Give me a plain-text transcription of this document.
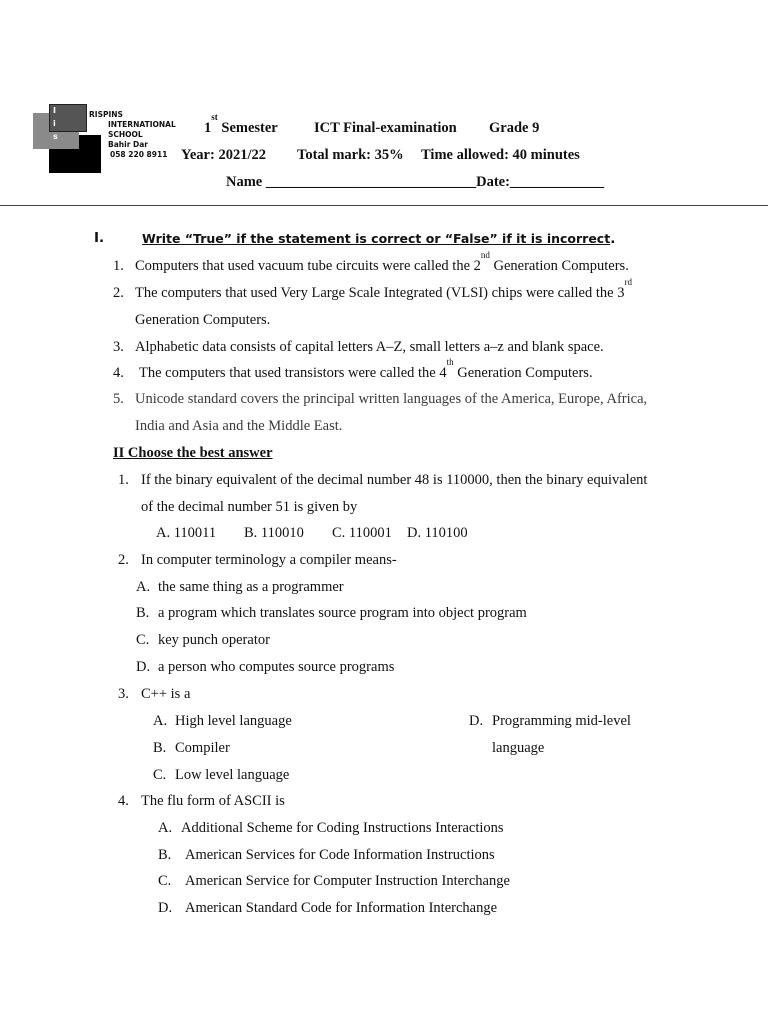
I
i
s
RISPINS
INTERNATIONAL
SCHOOL
Bahir Dar
058 220 8911
1st Semester	ICT Final-examination Grade 9
Year: 2021/22 Total mark: 35% Time allowed: 40 minutes
Name _____________________________Date:_____________
I.	Write “True” if the statement is correct or “False” if it is incorrect.
1. Computers that used vacuum tube circuits were called the 2nd Generation Computers.
2. The computers that used Very Large Scale Integrated (VLSI) chips were called the 3rd
Generation Computers.
3. Alphabetic data consists of capital letters A–Z, small letters a–z and blank space.
4. The computers that used transistors were called the 4th Generation Computers.
5. Unicode standard covers the principal written languages of the America, Europe, Africa,
India and Asia and the Middle East.
II Choose the best answer
1. If the binary equivalent of the decimal number 48 is 110000, then the binary equivalent
of the decimal number 51 is given by
A. 110011 B. 110010 C. 110001 D. 110100
2. In computer terminology a compiler means-
A. the same thing as a programmer
B. a program which translates source program into object program
C. key punch operator
D. a person who computes source programs
3. C++ is a
A. High level language
B. Compiler
C. Low level language
D. Programming mid-level
language
4. The flu form of ASCII is
A. Additional Scheme for Coding Instructions Interactions
B. American Services for Code Information Instructions
C. American Service for Computer Instruction Interchange
D. American Standard Code for Information Interchange
